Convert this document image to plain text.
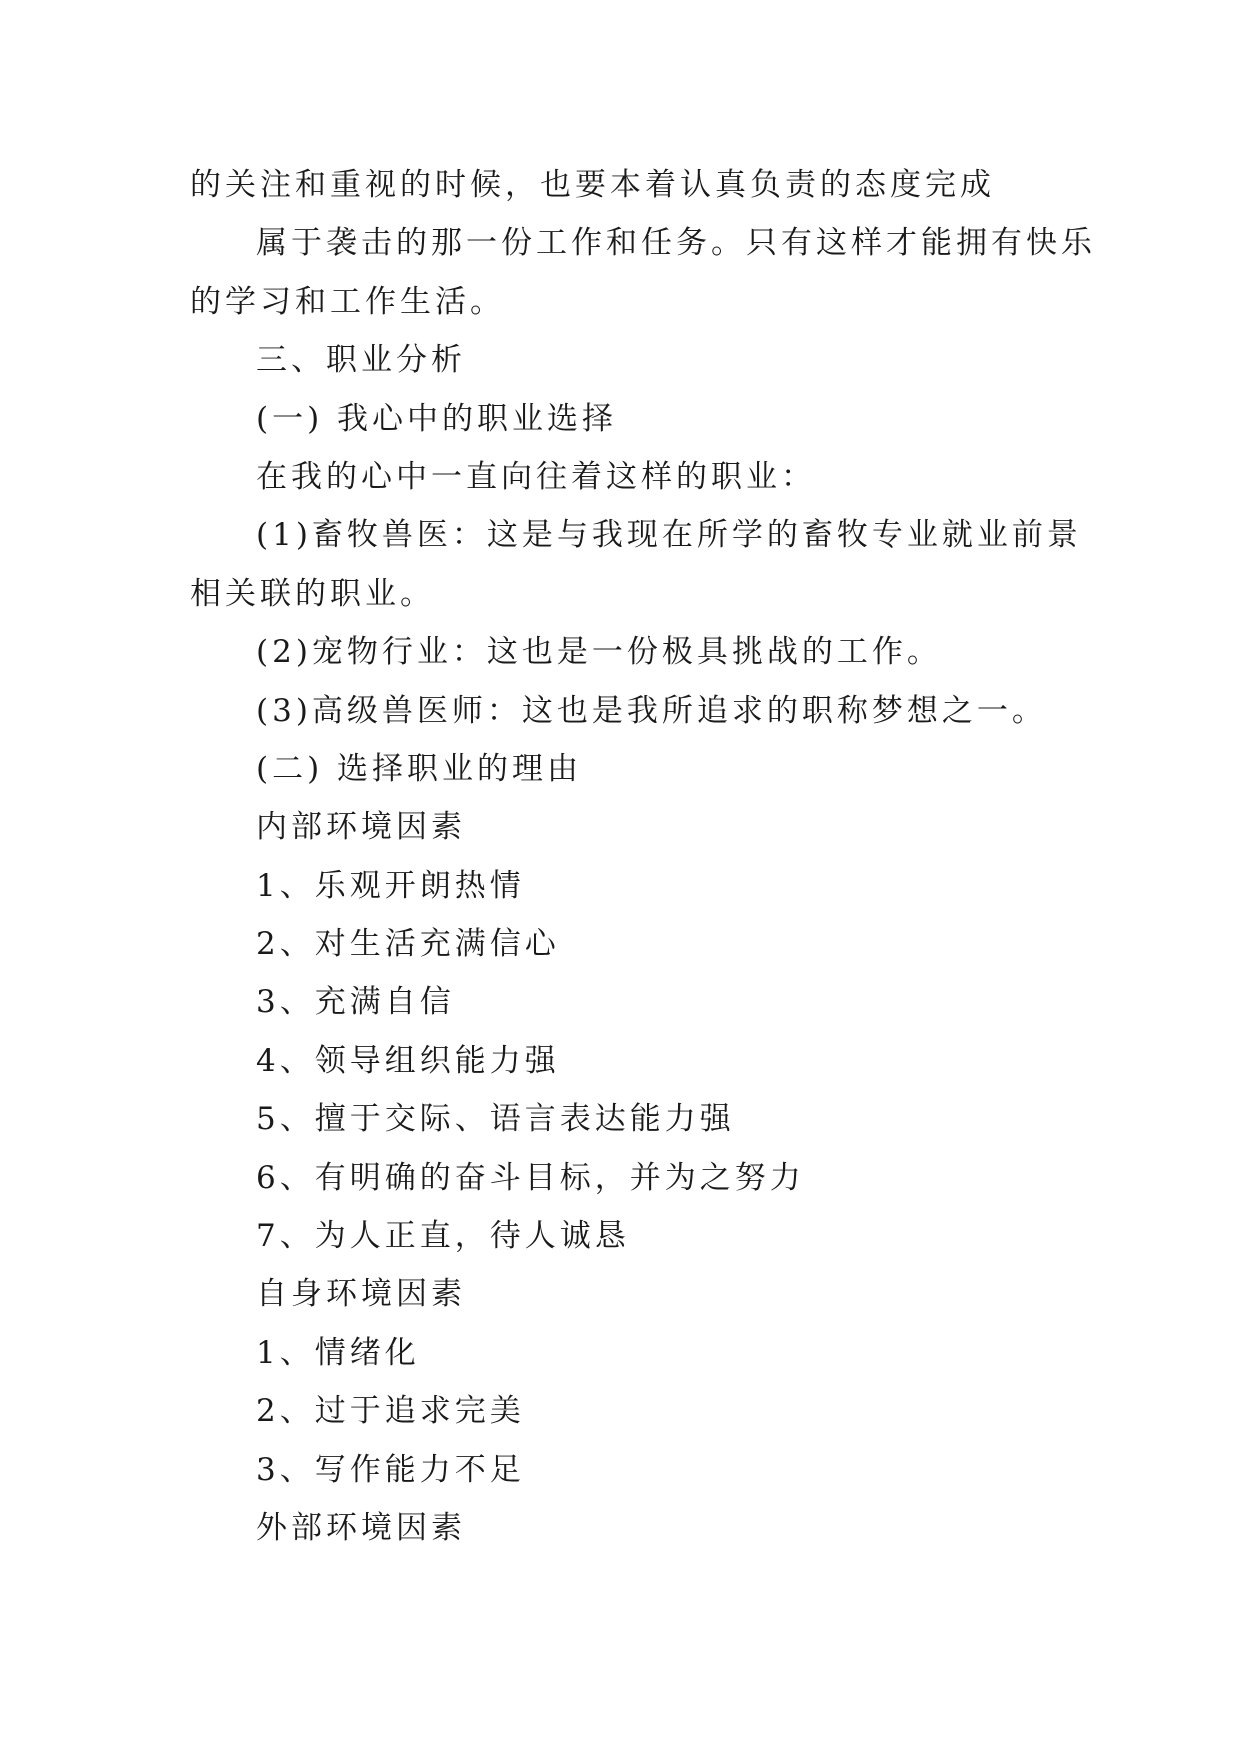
的关注和重视的时候，也要本着认真负责的态度完成
属于袭击的那一份工作和任务。只有这样才能拥有快乐
的学习和工作生活。
三、职业分析
(一) 我心中的职业选择
在我的心中一直向往着这样的职业：
(1)畜牧兽医：这是与我现在所学的畜牧专业就业前景
相关联的职业。
(2)宠物行业：这也是一份极具挑战的工作。
(3)高级兽医师：这也是我所追求的职称梦想之一。
(二) 选择职业的理由
内部环境因素
1、乐观开朗热情
2、对生活充满信心
3、充满自信
4、领导组织能力强
5、擅于交际、语言表达能力强
6、有明确的奋斗目标，并为之努力
7、为人正直，待人诚恳
自身环境因素
1、情绪化
2、过于追求完美
3、写作能力不足
外部环境因素
